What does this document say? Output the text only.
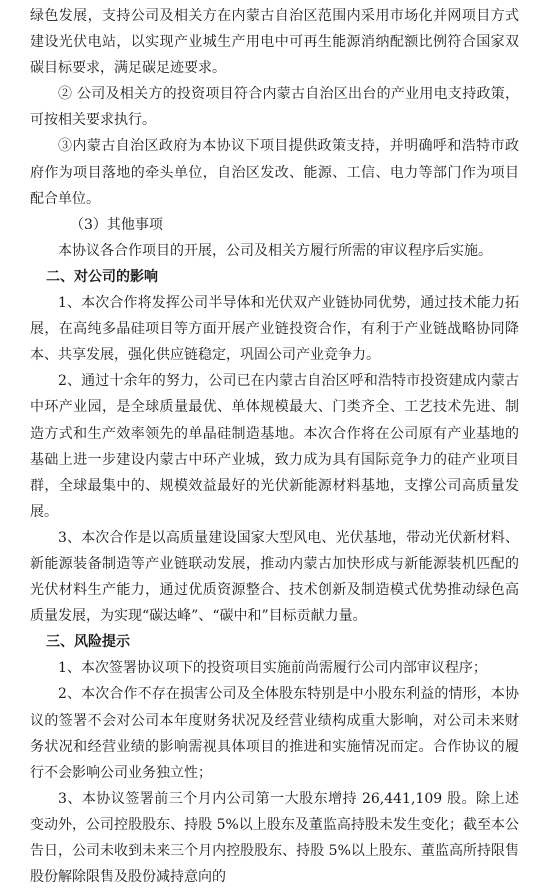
绿色发展，支持公司及相关方在内蒙古自治区范围内采用市场化并网项目方式建设光伏电站，以实现产业城生产用电中可再生能源消纳配额比例符合国家双碳目标要求，满足碳足迹要求。

② 公司及相关方的投资项目符合内蒙古自治区出台的产业用电支持政策，可按相关要求执行。

③内蒙古自治区政府为本协议下项目提供政策支持，并明确呼和浩特市政府作为项目落地的牵头单位，自治区发改、能源、工信、电力等部门作为项目配合单位。

（3）其他事项

本协议各合作项目的开展，公司及相关方履行所需的审议程序后实施。

二、对公司的影响

1、本次合作将发挥公司半导体和光伏双产业链协同优势，通过技术能力拓展，在高纯多晶硅项目等方面开展产业链投资合作，有利于产业链战略协同降本、共享发展，强化供应链稳定，巩固公司产业竞争力。

2、通过十余年的努力，公司已在内蒙古自治区呼和浩特市投资建成内蒙古中环产业园，是全球质量最优、单体规模最大、门类齐全、工艺技术先进、制造方式和生产效率领先的单晶硅制造基地。本次合作将在公司原有产业基地的基础上进一步建设内蒙古中环产业城，致力成为具有国际竞争力的硅产业项目群，全球最集中的、规模效益最好的光伏新能源材料基地，支撑公司高质量发展。

3、本次合作是以高质量建设国家大型风电、光伏基地，带动光伏新材料、新能源装备制造等产业链联动发展，推动内蒙古加快形成与新能源装机匹配的光伏材料生产能力，通过优质资源整合、技术创新及制造模式优势推动绿色高质量发展，为实现“碳达峰”、“碳中和”目标贡献力量。

三、风险提示

1、本次签署协议项下的投资项目实施前尚需履行公司内部审议程序；

2、本次合作不存在损害公司及全体股东特别是中小股东利益的情形，本协议的签署不会对公司本年度财务状况及经营业绩构成重大影响，对公司未来财务状况和经营业绩的影响需视具体项目的推进和实施情况而定。合作协议的履行不会影响公司业务独立性；

3、本协议签署前三个月内公司第一大股东增持 26,441,109 股。除上述变动外，公司控股股东、持股 5%以上股东及董监高持股未发生变化；截至本公告日，公司未收到未来三个月内控股股东、持股 5%以上股东、董监高所持限售股份解除限售及股份减持意向的
